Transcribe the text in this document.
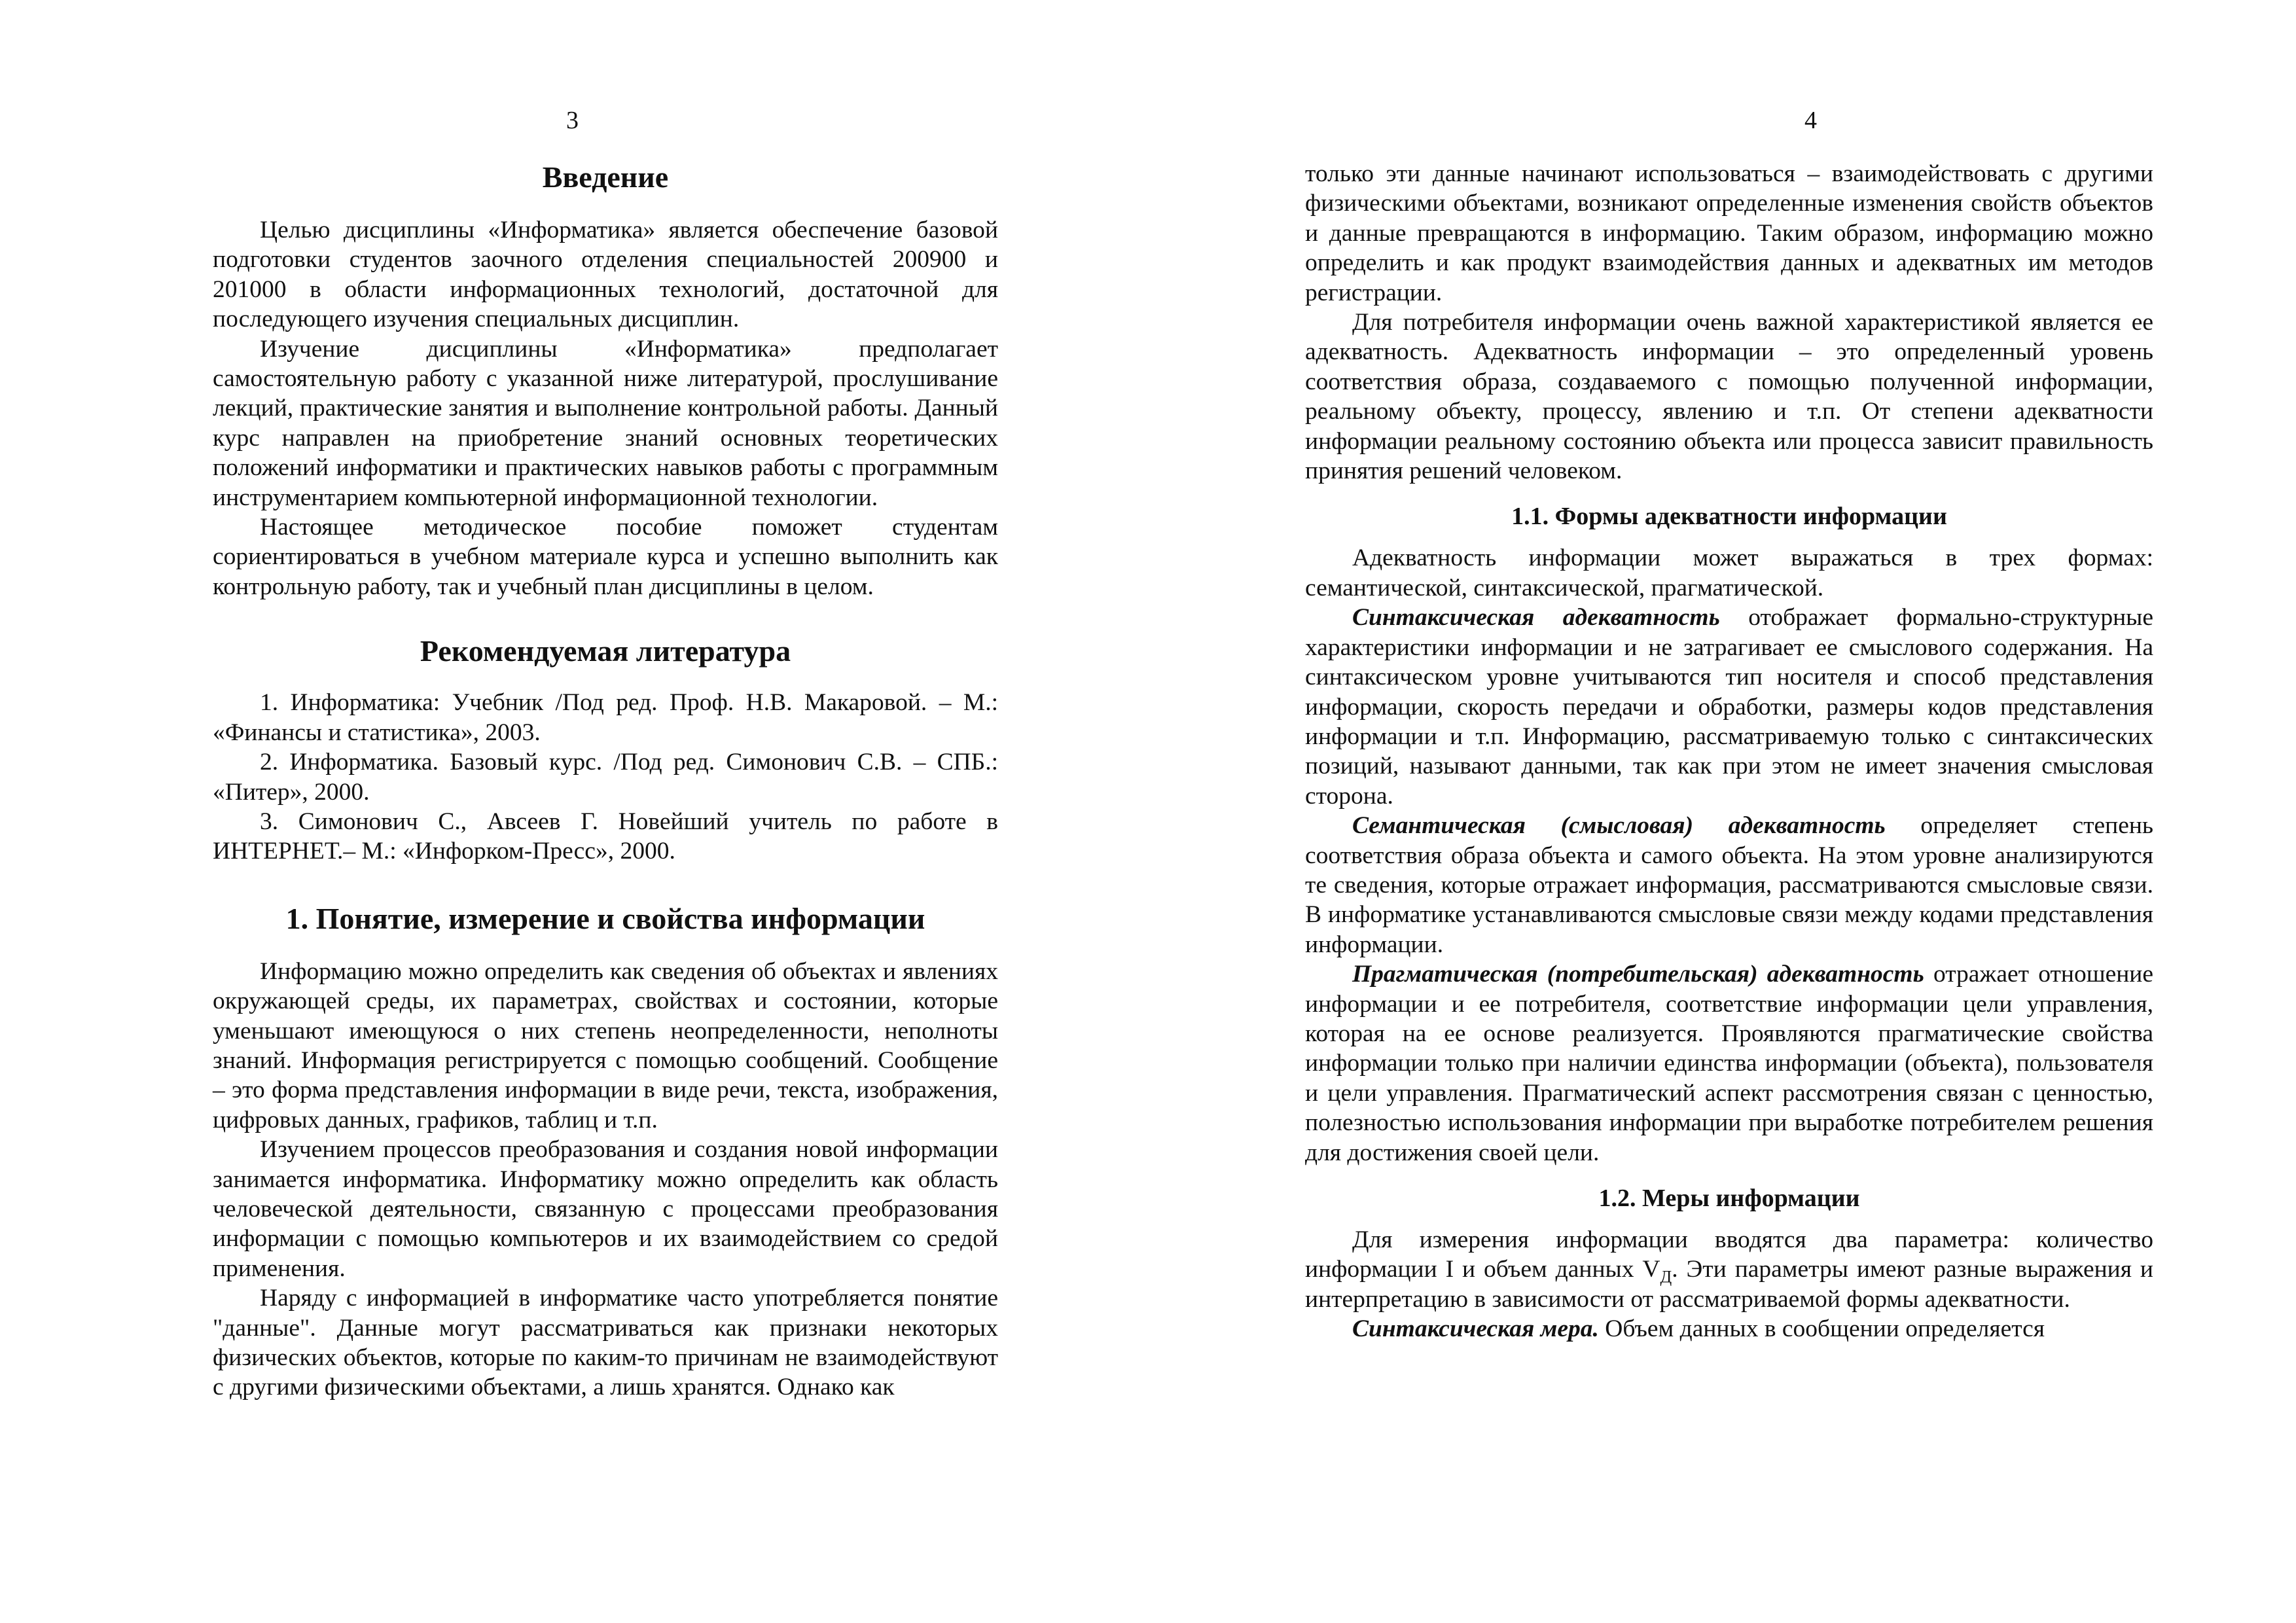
3
Введение

Целью дисциплины «Информатика» является обеспечение базовой подготовки студентов заочного отделения специальностей 200900 и 201000 в области информационных технологий, достаточной для последующего изучения специальных дисциплин.

Изучение дисциплины «Информатика» предполагает самостоятельную работу с указанной ниже литературой, прослушивание лекций, практические занятия и выполнение контрольной работы. Данный курс направлен на приобретение знаний основных теоретических положений информатики и практических навыков работы с программным инструментарием компьютерной информационной технологии.

Настоящее методическое пособие поможет студентам сориентироваться в учебном материале курса и успешно выполнить как контрольную работу, так и учебный план дисциплины в целом.

Рекомендуемая литература

1. Информатика: Учебник /Под ред. Проф. Н.В. Макаровой. – М.: «Финансы и статистика», 2003.

2. Информатика. Базовый курс. /Под ред. Симонович С.В. – СПБ.: «Питер», 2000.

3. Симонович С., Авсеев Г. Новейший учитель по работе в ИНТЕРНЕТ.– М.: «Инфорком-Пресс», 2000.

1. Понятие, измерение и свойства информации

Информацию можно определить как сведения об объектах и явлениях окружающей среды, их параметрах, свойствах и состоянии, которые уменьшают имеющуюся о них степень неопределенности, неполноты знаний. Информация регистрируется с помощью сообщений. Сообщение – это форма представления информации в виде речи, текста, изображения, цифровых данных, графиков, таблиц и т.п.

Изучением процессов преобразования и создания новой информации занимается информатика. Информатику можно определить как область человеческой деятельности, связанную с процессами преобразования информации с помощью компьютеров и их взаимодействием со средой применения.

Наряду с информацией в информатике часто употребляется понятие "данные". Данные могут рассматриваться как признаки некоторых физических объектов, которые по каким-то причинам не взаимодействуют с другими физическими объектами, а лишь хранятся. Однако как

4

только эти данные начинают использоваться – взаимодействовать с другими физическими объектами, возникают определенные изменения свойств объектов и данные превращаются в информацию. Таким образом, информацию можно определить и как продукт взаимодействия данных и адекватных им методов регистрации.

Для потребителя информации очень важной характеристикой является ее адекватность. Адекватность информации – это определенный уровень соответствия образа, создаваемого с помощью полученной информации, реальному объекту, процессу, явлению и т.п. От степени адекватности информации реальному состоянию объекта или процесса зависит правильность принятия решений человеком.

1.1. Формы адекватности информации

Адекватность информации может выражаться в трех формах: семантической, синтаксической, прагматической.

Синтаксическая адекватность отображает формально-структурные характеристики информации и не затрагивает ее смыслового содержания. На синтаксическом уровне учитываются тип носителя и способ представления информации, скорость передачи и обработки, размеры кодов представления информации и т.п. Информацию, рассматриваемую только с синтаксических позиций, называют данными, так как при этом не имеет значения смысловая сторона.

Семантическая (смысловая) адекватность определяет степень соответствия образа объекта и самого объекта. На этом уровне анализируются те сведения, которые отражает информация, рассматриваются смысловые связи. В информатике устанавливаются смысловые связи между кодами представления информации.

Прагматическая (потребительская) адекватность отражает отношение информации и ее потребителя, соответствие информации цели управления, которая на ее основе реализуется. Проявляются прагматические свойства информации только при наличии единства информации (объекта), пользователя и цели управления. Прагматический аспект рассмотрения связан с ценностью, полезностью использования информации при выработке потребителем решения для достижения своей цели.

1.2. Меры информации

Для измерения информации вводятся два параметра: количество информации I и объем данных $V_Д$. Эти параметры имеют разные выражения и интерпретацию в зависимости от рассматриваемой формы адекватности.

Синтаксическая мера. Объем данных в сообщении определяется
